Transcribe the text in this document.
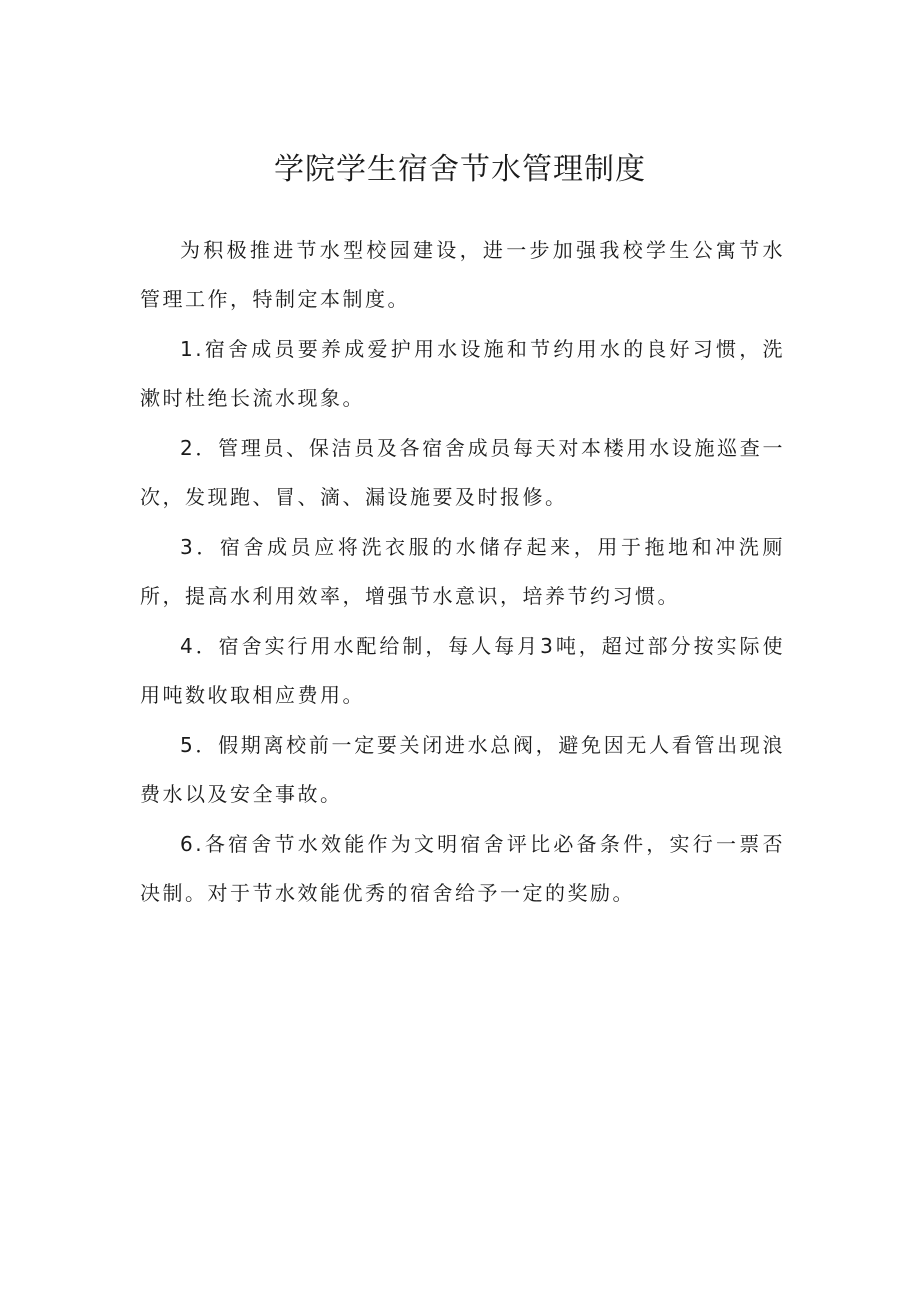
学院学生宿舍节水管理制度

为积极推进节水型校园建设，进一步加强我校学生公寓节水管理工作，特制定本制度。

1.宿舍成员要养成爱护用水设施和节约用水的良好习惯，洗漱时杜绝长流水现象。

2．管理员、保洁员及各宿舍成员每天对本楼用水设施巡查一次，发现跑、冒、滴、漏设施要及时报修。

3．宿舍成员应将洗衣服的水储存起来，用于拖地和冲洗厕所，提高水利用效率，增强节水意识，培养节约习惯。

4．宿舍实行用水配给制，每人每月3吨，超过部分按实际使用吨数收取相应费用。

5．假期离校前一定要关闭进水总阀，避免因无人看管出现浪费水以及安全事故。

6.各宿舍节水效能作为文明宿舍评比必备条件，实行一票否决制。对于节水效能优秀的宿舍给予一定的奖励。
